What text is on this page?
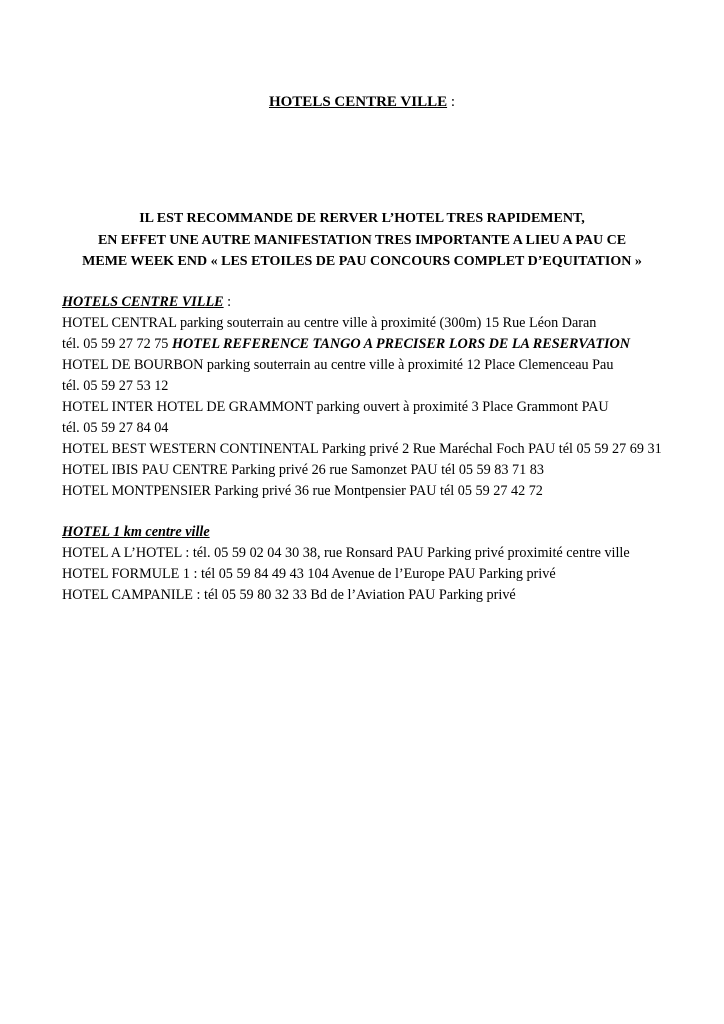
HOTELS CENTRE VILLE :
IL EST RECOMMANDE DE RERVER L’HOTEL TRES RAPIDEMENT,
EN EFFET UNE AUTRE MANIFESTATION TRES IMPORTANTE A LIEU A PAU CE
MEME WEEK END « LES ETOILES DE PAU CONCOURS COMPLET D’EQUITATION »
HOTELS CENTRE VILLE :
HOTEL CENTRAL parking souterrain au centre ville à proximité (300m) 15 Rue Léon Daran
tél. 05 59 27 72 75 HOTEL REFERENCE TANGO A PRECISER LORS DE LA RESERVATION
HOTEL DE BOURBON parking souterrain au centre ville à proximité 12 Place Clemenceau Pau
tél. 05 59 27 53 12
HOTEL INTER HOTEL DE GRAMMONT parking ouvert à proximité 3 Place Grammont PAU
tél. 05 59 27 84 04
HOTEL BEST WESTERN CONTINENTAL Parking privé 2 Rue Maréchal Foch PAU tél 05 59 27 69 31
HOTEL IBIS PAU CENTRE Parking privé 26 rue Samonzet PAU tél 05 59 83 71 83
HOTEL MONTPENSIER Parking privé 36 rue Montpensier PAU tél 05 59 27 42 72
HOTEL 1 km centre ville
HOTEL A L’HOTEL : tél. 05 59 02 04 30 38, rue Ronsard PAU Parking privé proximité centre ville
HOTEL FORMULE 1 : tél 05 59 84 49 43 104 Avenue de l’Europe PAU Parking privé
HOTEL CAMPANILE : tél 05 59 80 32 33 Bd de l’Aviation PAU Parking privé
